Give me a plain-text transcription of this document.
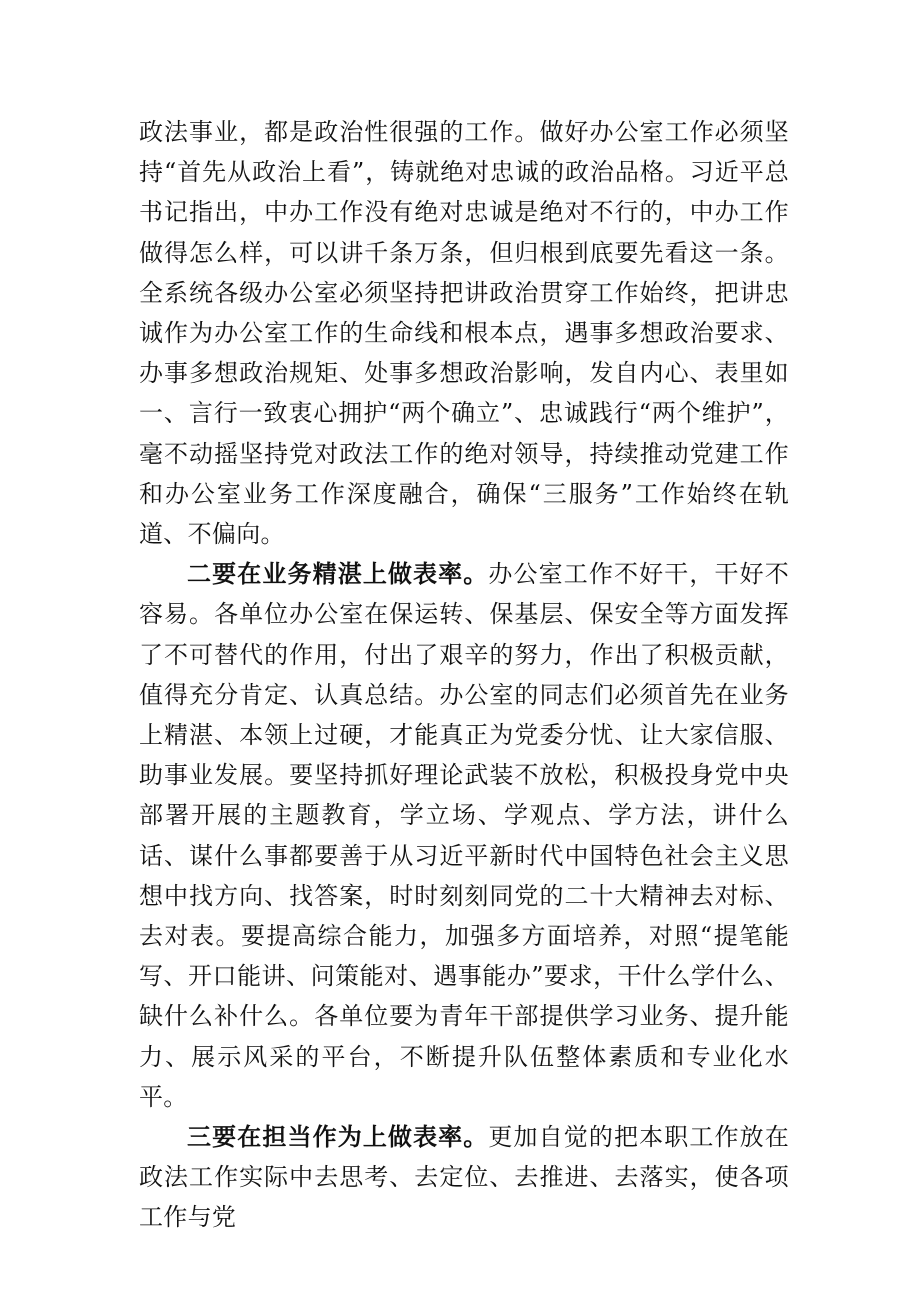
政法事业，都是政治性很强的工作。做好办公室工作必须坚持“首先从政治上看”，铸就绝对忠诚的政治品格。习近平总书记指出，中办工作没有绝对忠诚是绝对不行的，中办工作做得怎么样，可以讲千条万条，但归根到底要先看这一条。全系统各级办公室必须坚持把讲政治贯穿工作始终，把讲忠诚作为办公室工作的生命线和根本点，遇事多想政治要求、办事多想政治规矩、处事多想政治影响，发自内心、表里如一、言行一致衷心拥护“两个确立”、忠诚践行“两个维护”，毫不动摇坚持党对政法工作的绝对领导，持续推动党建工作和办公室业务工作深度融合，确保“三服务”工作始终在轨道、不偏向。

二要在业务精湛上做表率。办公室工作不好干，干好不容易。各单位办公室在保运转、保基层、保安全等方面发挥了不可替代的作用，付出了艰辛的努力，作出了积极贡献，值得充分肯定、认真总结。办公室的同志们必须首先在业务上精湛、本领上过硬，才能真正为党委分忧、让大家信服、助事业发展。要坚持抓好理论武装不放松，积极投身党中央部署开展的主题教育，学立场、学观点、学方法，讲什么话、谋什么事都要善于从习近平新时代中国特色社会主义思想中找方向、找答案，时时刻刻同党的二十大精神去对标、去对表。要提高综合能力，加强多方面培养，对照“提笔能写、开口能讲、问策能对、遇事能办”要求，干什么学什么、缺什么补什么。各单位要为青年干部提供学习业务、提升能力、展示风采的平台，不断提升队伍整体素质和专业化水平。

三要在担当作为上做表率。更加自觉的把本职工作放在政法工作实际中去思考、去定位、去推进、去落实，使各项工作与党
